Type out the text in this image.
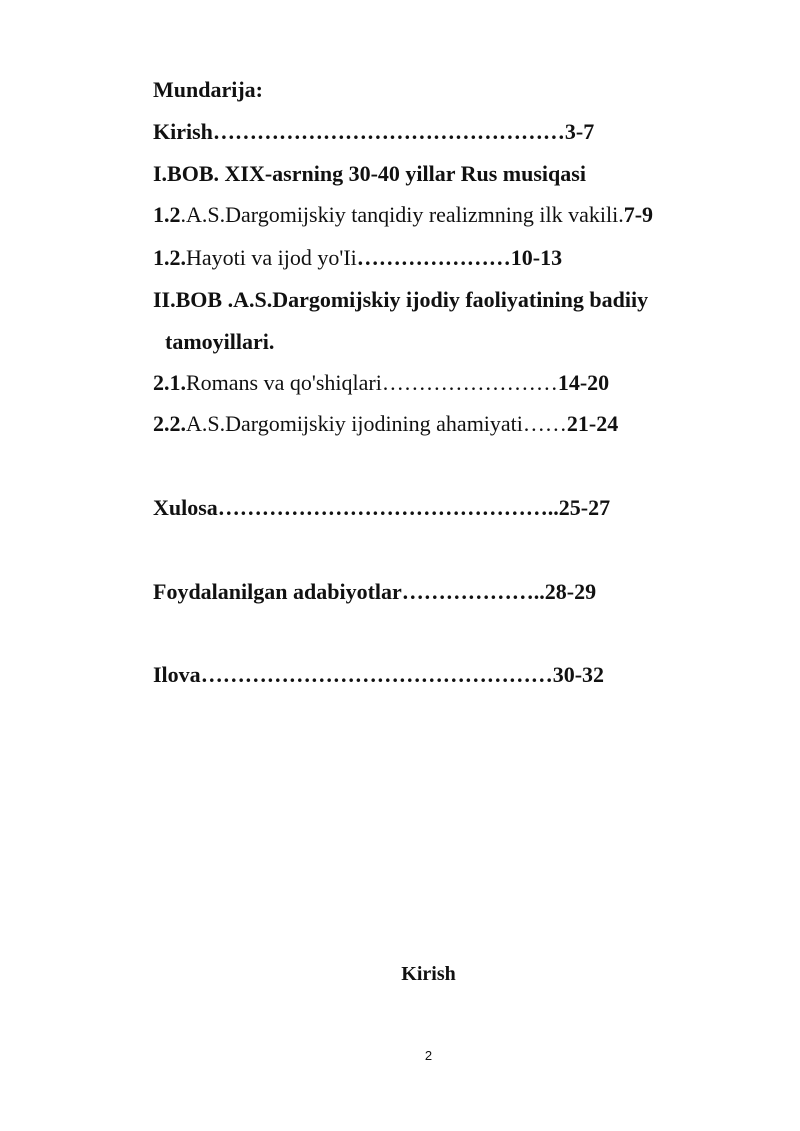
Mundarija:
Kirish…………………………………………3-7
I.BOB. XIX-asrning 30-40 yillar Rus musiqasi
1.2.A.S.Dargomijskiy tanqidiy realizmning ilk vakili.7-9
1.2.Hayoti va ijod yo'Ii…………………10-13
II.BOB .A.S.Dargomijskiy ijodiy faoliyatining badiiy
tamoyillari.
2.1.Romans va qo'shiqlari……………………14-20
2.2.A.S.Dargomijskiy ijodining ahamiyati……21-24
Xulosa………………………………………..25-27
Foydalanilgan adabiyotlar………………..28-29
Ilova…………………………………………30-32
Kirish
2
